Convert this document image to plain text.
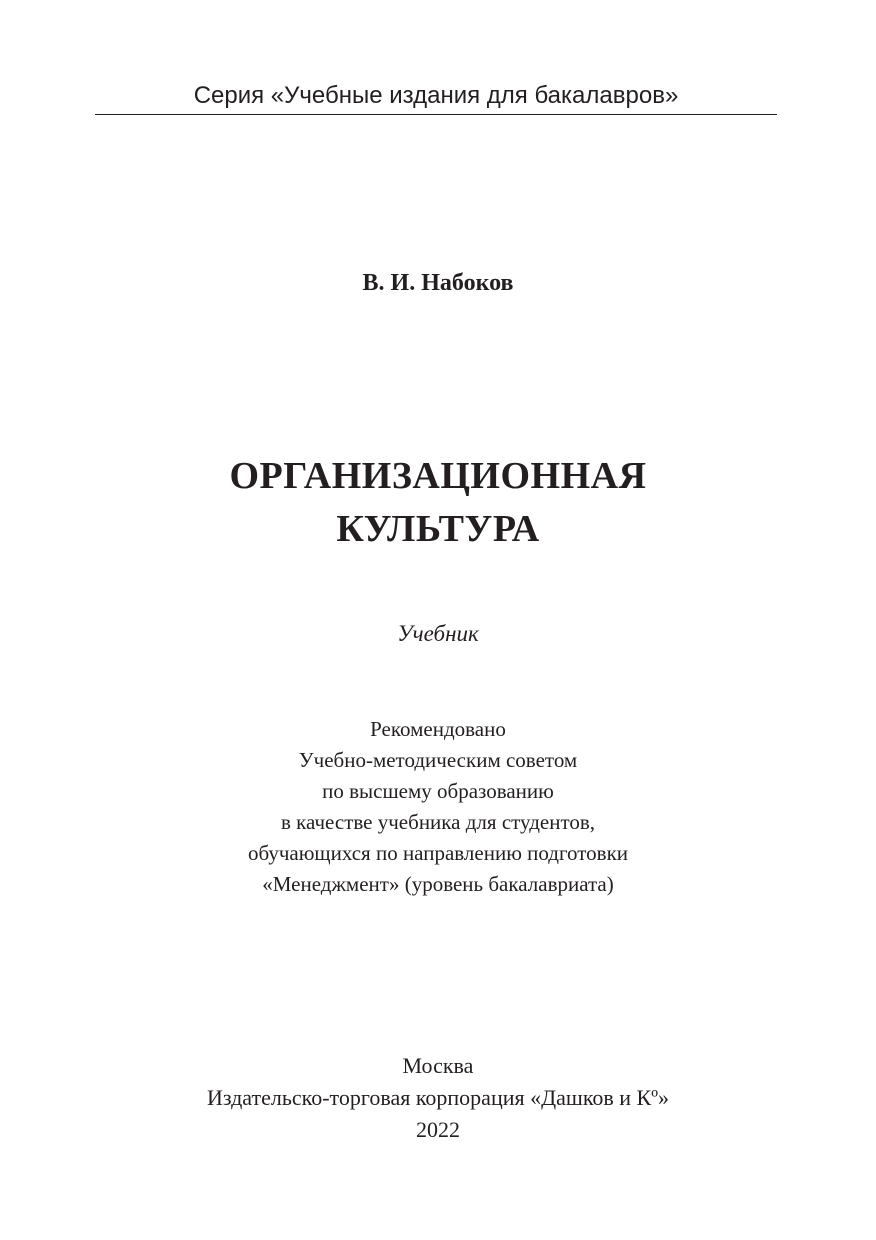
Серия «Учебные издания для бакалавров»
В. И. Набоков
ОРГАНИЗАЦИОННАЯ
КУЛЬТУРА
Учебник
Рекомендовано
Учебно-методическим советом
по высшему образованию
в качестве учебника для студентов,
обучающихся по направлению подготовки
«Менеджмент» (уровень бакалавриата)
Москва
Издательско-торговая корпорация «Дашков и Кº»
2022
